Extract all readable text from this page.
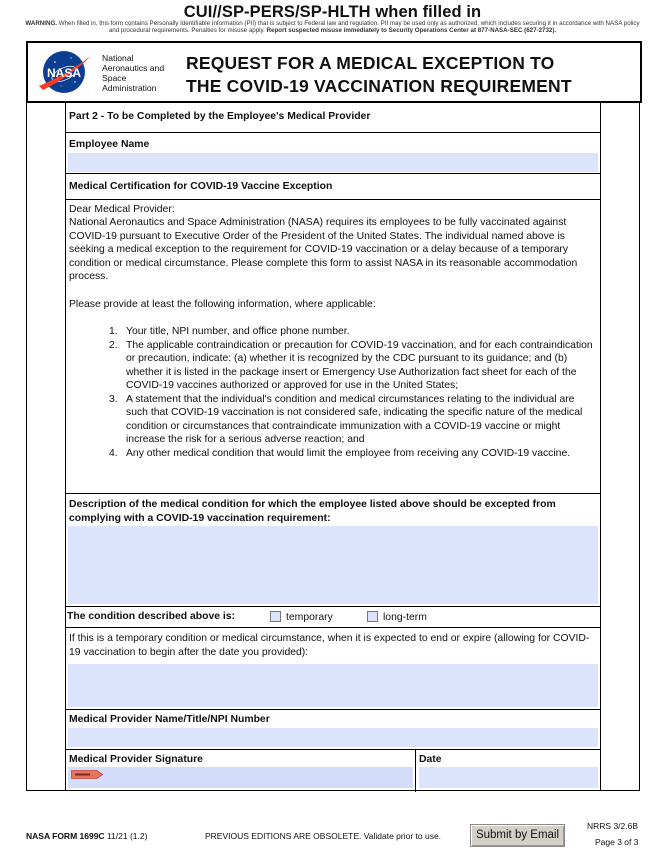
CUI//SP-PERS/SP-HLTH when filled in
WARNING. When filled in, this form contains Personally Identifiable Information (PII) that is subject to Federal law and regulation. PII may be used only as authorized, which includes securing it in accordance with NASA policy and procedural requirements. Penalties for misuse apply. Report suspected misuse immediately to Security Operations Center at 877-NASA-SEC (627-2732).
NASA
National
Aeronautics and
Space
Administration
REQUEST FOR A MEDICAL EXCEPTION TO
THE COVID-19 VACCINATION REQUIREMENT
Part 2 - To be Completed by the Employee's Medical Provider
Employee Name
Medical Certification for COVID-19 Vaccine Exception
Dear Medical Provider:
National Aeronautics and Space Administration (NASA) requires its employees to be fully vaccinated against COVID-19 pursuant to Executive Order of the President of the United States. The individual named above is seeking a medical exception to the requirement for COVID-19 vaccination or a delay because of a temporary condition or medical circumstance. Please complete this form to assist NASA in its reasonable accommodation process.
Please provide at least the following information, where applicable:
1. Your title, NPI number, and office phone number.
2. The applicable contraindication or precaution for COVID-19 vaccination, and for each contraindication or precaution, indicate: (a) whether it is recognized by the CDC pursuant to its guidance; and (b) whether it is listed in the package insert or Emergency Use Authorization fact sheet for each of the COVID-19 vaccines authorized or approved for use in the United States;
3. A statement that the individual's condition and medical circumstances relating to the individual are such that COVID-19 vaccination is not considered safe, indicating the specific nature of the medical condition or circumstances that contraindicate immunization with a COVID-19 vaccine or might increase the risk for a serious adverse reaction; and
4. Any other medical condition that would limit the employee from receiving any COVID-19 vaccine.
Description of the medical condition for which the employee listed above should be excepted from complying with a COVID-19 vaccination requirement:
The condition described above is:	temporary	long-term
If this is a temporary condition or medical circumstance, when it is expected to end or expire (allowing for COVID-19 vaccination to begin after the date you provided):
Medical Provider Name/Title/NPI Number
Medical Provider Signature	Date
NASA FORM 1699C 11/21 (1.2)	PREVIOUS EDITIONS ARE OBSOLETE. Validate prior to use.	Submit by Email
NRRS 3/2.6B
Page 3 of 3
